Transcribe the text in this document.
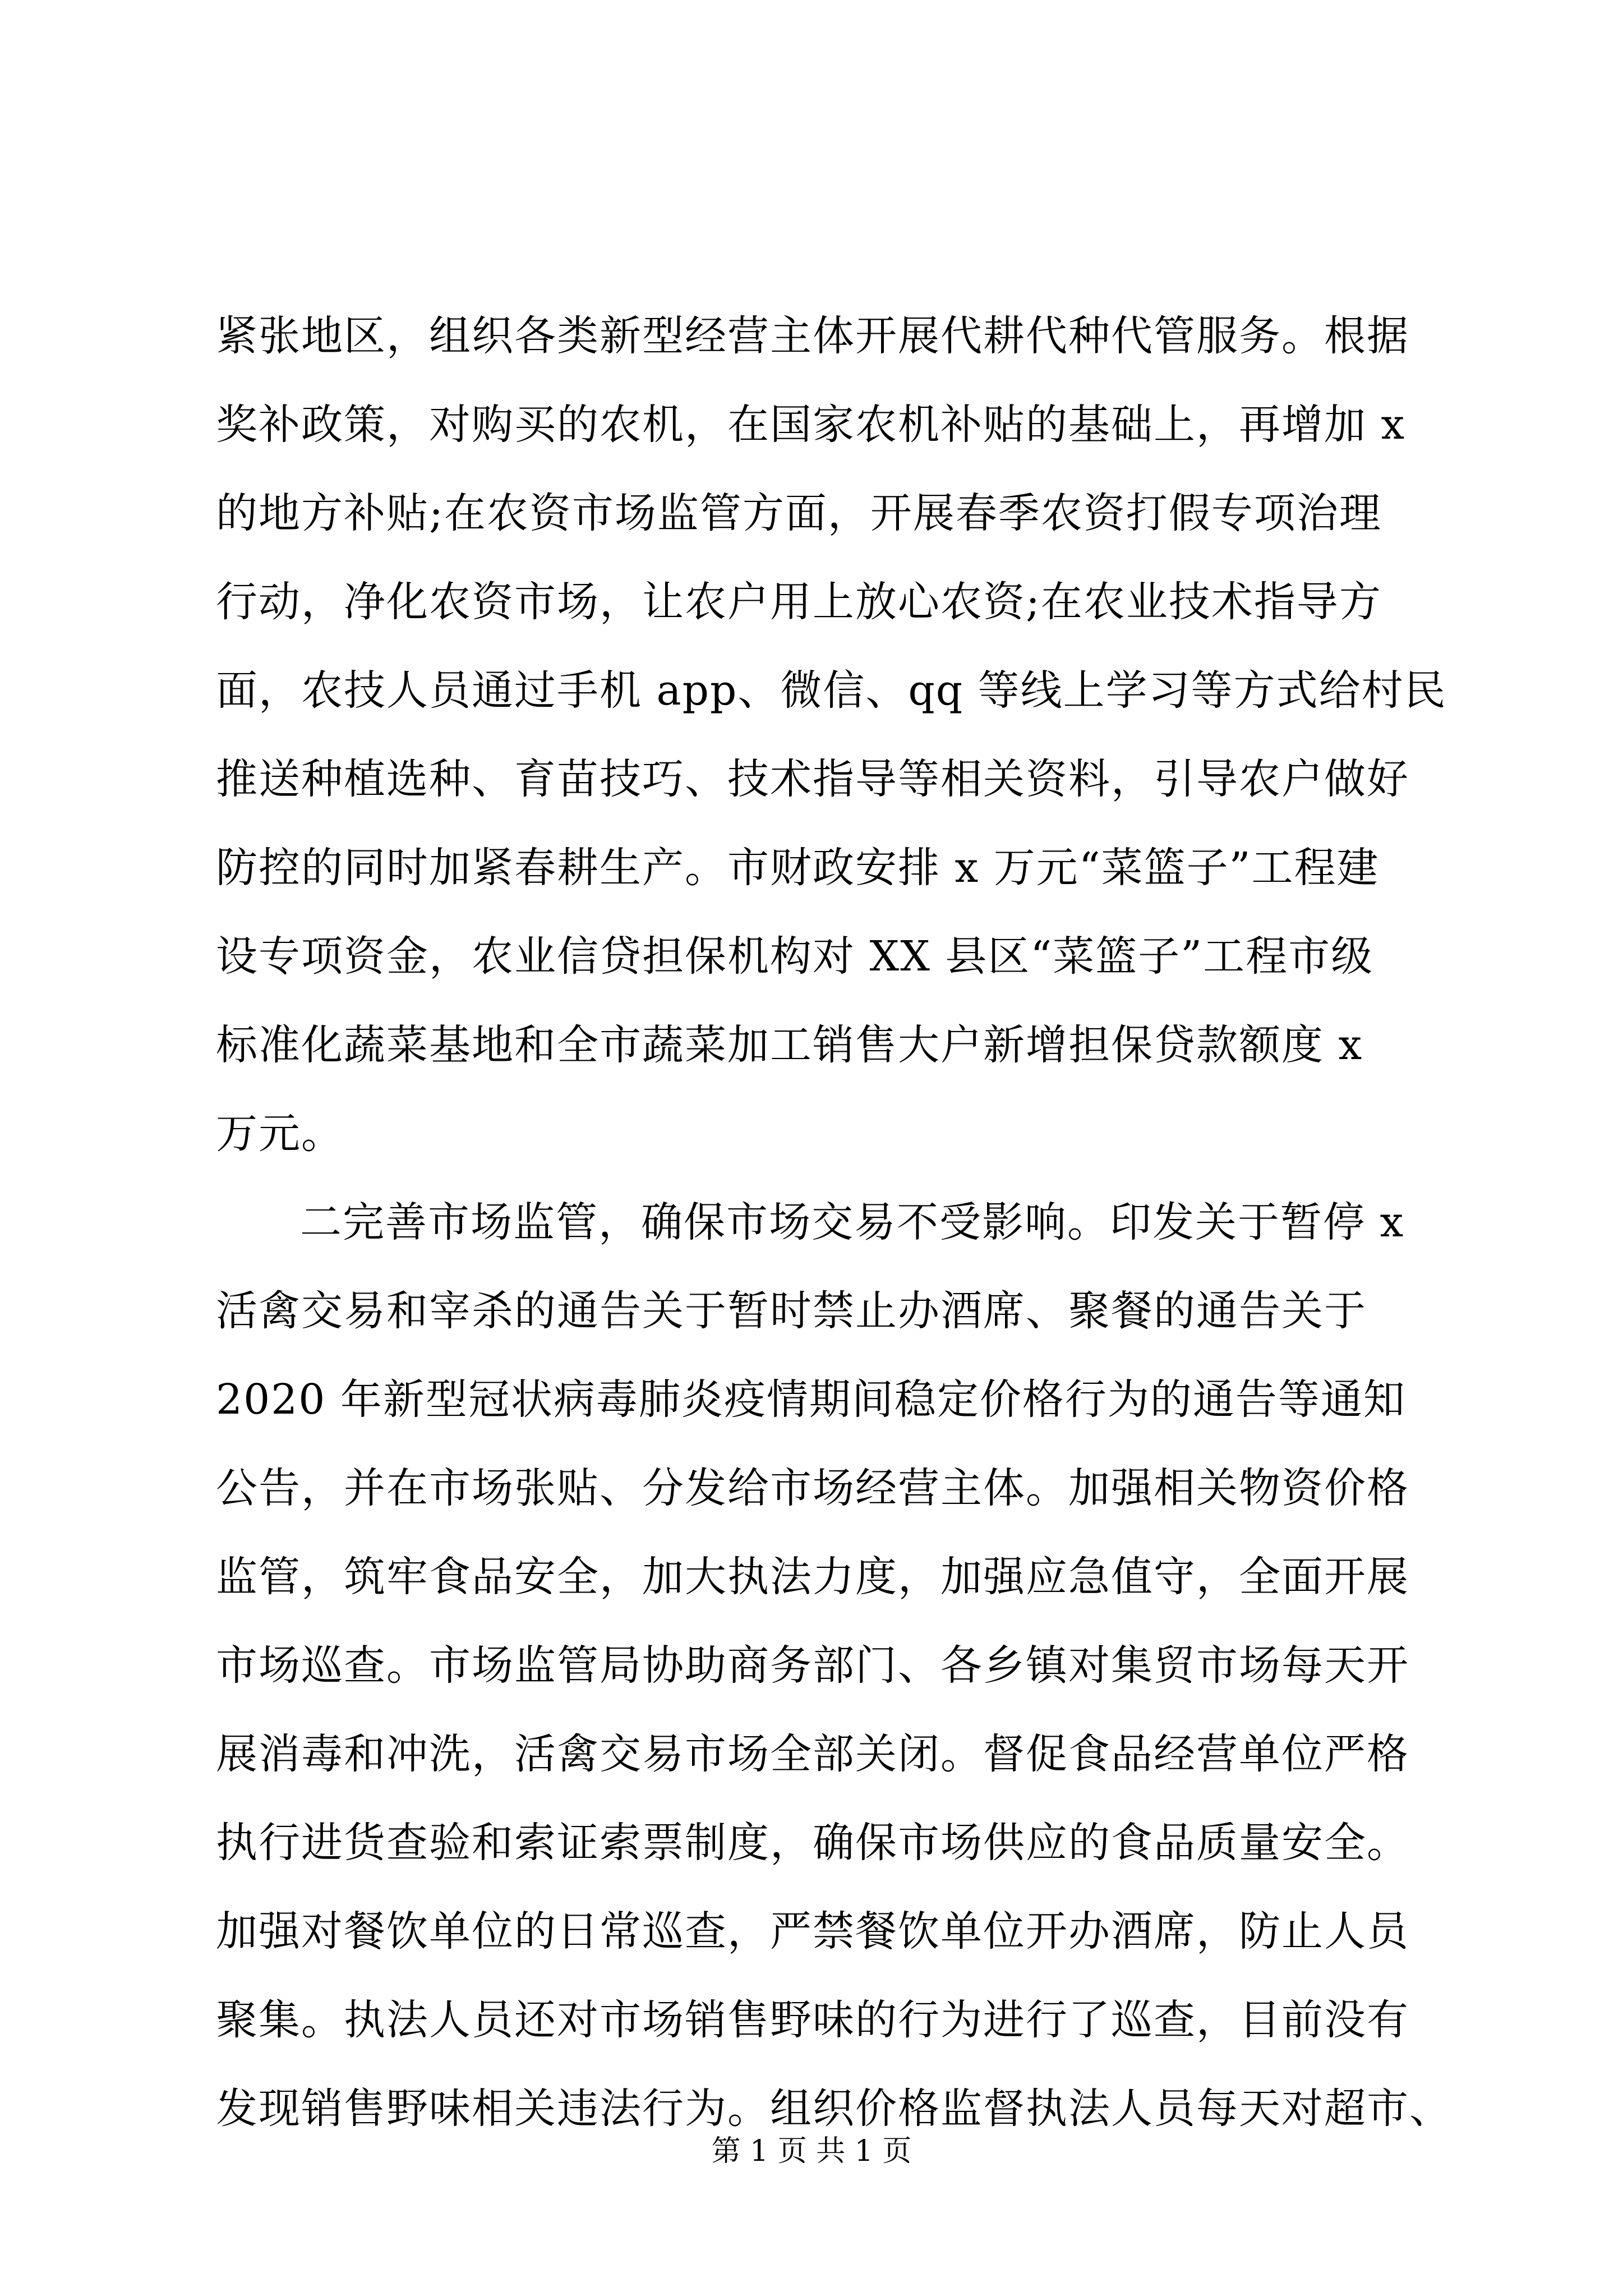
紧张地区，组织各类新型经营主体开展代耕代种代管服务。根据
奖补政策，对购买的农机，在国家农机补贴的基础上，再增加 x
的地方补贴;在农资市场监管方面，开展春季农资打假专项治理
行动，净化农资市场，让农户用上放心农资;在农业技术指导方
面，农技人员通过手机 app、微信、qq 等线上学习等方式给村民
推送种植选种、育苗技巧、技术指导等相关资料，引导农户做好
防控的同时加紧春耕生产。市财政安排 x 万元“菜篮子”工程建
设专项资金，农业信贷担保机构对 XX 县区“菜篮子”工程市级
标准化蔬菜基地和全市蔬菜加工销售大户新增担保贷款额度 x
万元。
二完善市场监管，确保市场交易不受影响。印发关于暂停 x
活禽交易和宰杀的通告关于暂时禁止办酒席、聚餐的通告关于
2020 年新型冠状病毒肺炎疫情期间稳定价格行为的通告等通知
公告，并在市场张贴、分发给市场经营主体。加强相关物资价格
监管，筑牢食品安全，加大执法力度，加强应急值守，全面开展
市场巡查。市场监管局协助商务部门、各乡镇对集贸市场每天开
展消毒和冲洗，活禽交易市场全部关闭。督促食品经营单位严格
执行进货查验和索证索票制度，确保市场供应的食品质量安全。
加强对餐饮单位的日常巡查，严禁餐饮单位开办酒席，防止人员
聚集。执法人员还对市场销售野味的行为进行了巡查，目前没有
发现销售野味相关违法行为。组织价格监督执法人员每天对超市、
第 1 页 共 1 页
